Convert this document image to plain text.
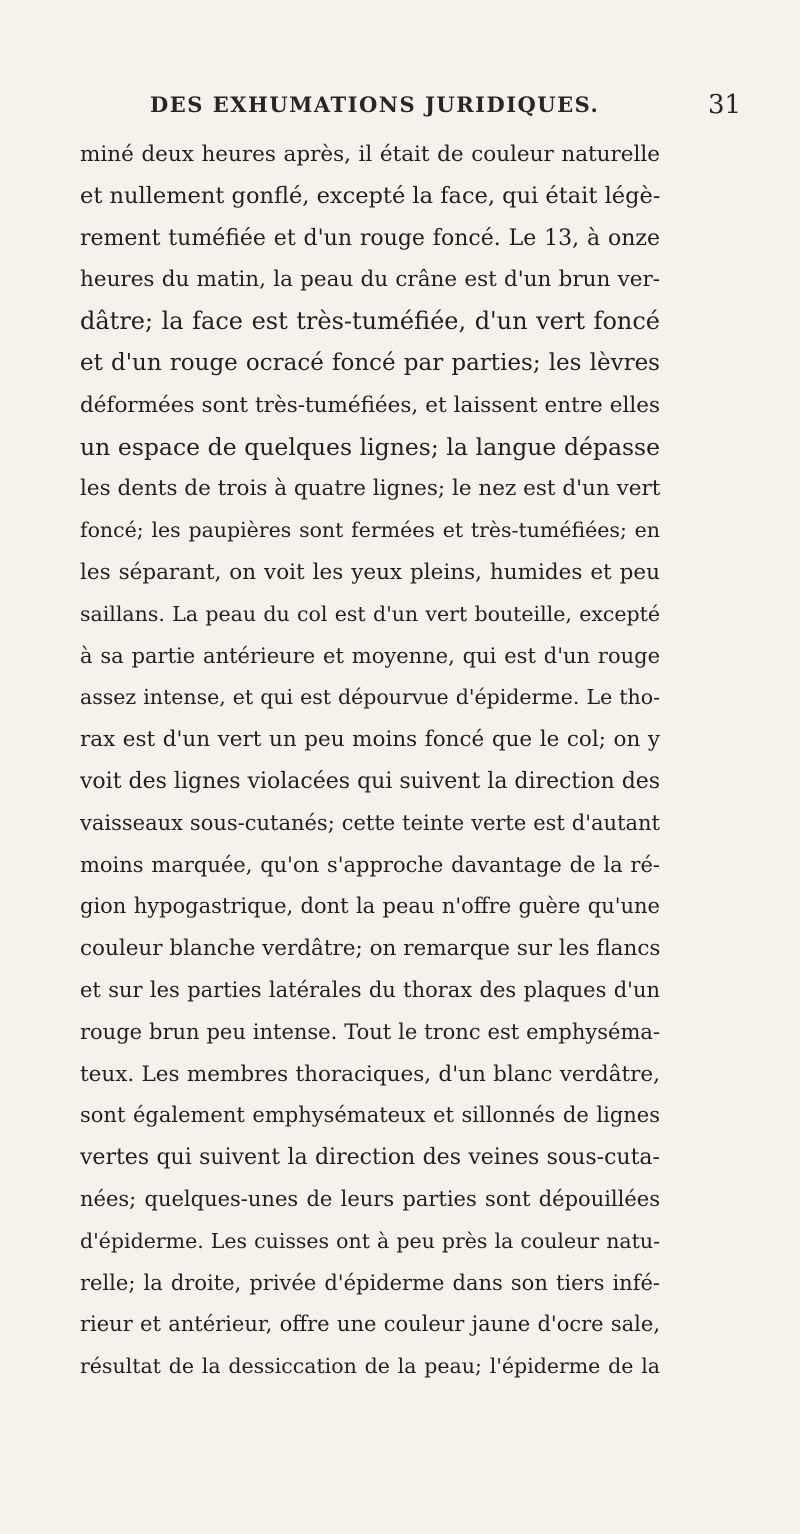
DES EXHUMATIONS JURIDIQUES.	31
miné deux heures après, il était de couleur naturelle
et nullement gonflé, excepté la face, qui était légè-
rement tuméfiée et d'un rouge foncé. Le 13, à onze
heures du matin, la peau du crâne est d'un brun ver-
dâtre; la face est très-tuméfiée, d'un vert foncé
et d'un rouge ocracé foncé par parties; les lèvres
déformées sont très-tuméfiées, et laissent entre elles
un espace de quelques lignes; la langue dépasse
les dents de trois à quatre lignes; le nez est d'un vert
foncé; les paupières sont fermées et très-tuméfiées; en
les séparant, on voit les yeux pleins, humides et peu
saillans. La peau du col est d'un vert bouteille, excepté
à sa partie antérieure et moyenne, qui est d'un rouge
assez intense, et qui est dépourvue d'épiderme. Le tho-
rax est d'un vert un peu moins foncé que le col; on y
voit des lignes violacées qui suivent la direction des
vaisseaux sous-cutanés; cette teinte verte est d'autant
moins marquée, qu'on s'approche davantage de la ré-
gion hypogastrique, dont la peau n'offre guère qu'une
couleur blanche verdâtre; on remarque sur les flancs
et sur les parties latérales du thorax des plaques d'un
rouge brun peu intense. Tout le tronc est emphyséma-
teux. Les membres thoraciques, d'un blanc verdâtre,
sont également emphysémateux et sillonnés de lignes
vertes qui suivent la direction des veines sous-cuta-
nées; quelques-unes de leurs parties sont dépouillées
d'épiderme. Les cuisses ont à peu près la couleur natu-
relle; la droite, privée d'épiderme dans son tiers infé-
rieur et antérieur, offre une couleur jaune d'ocre sale,
résultat de la dessiccation de la peau; l'épiderme de la
